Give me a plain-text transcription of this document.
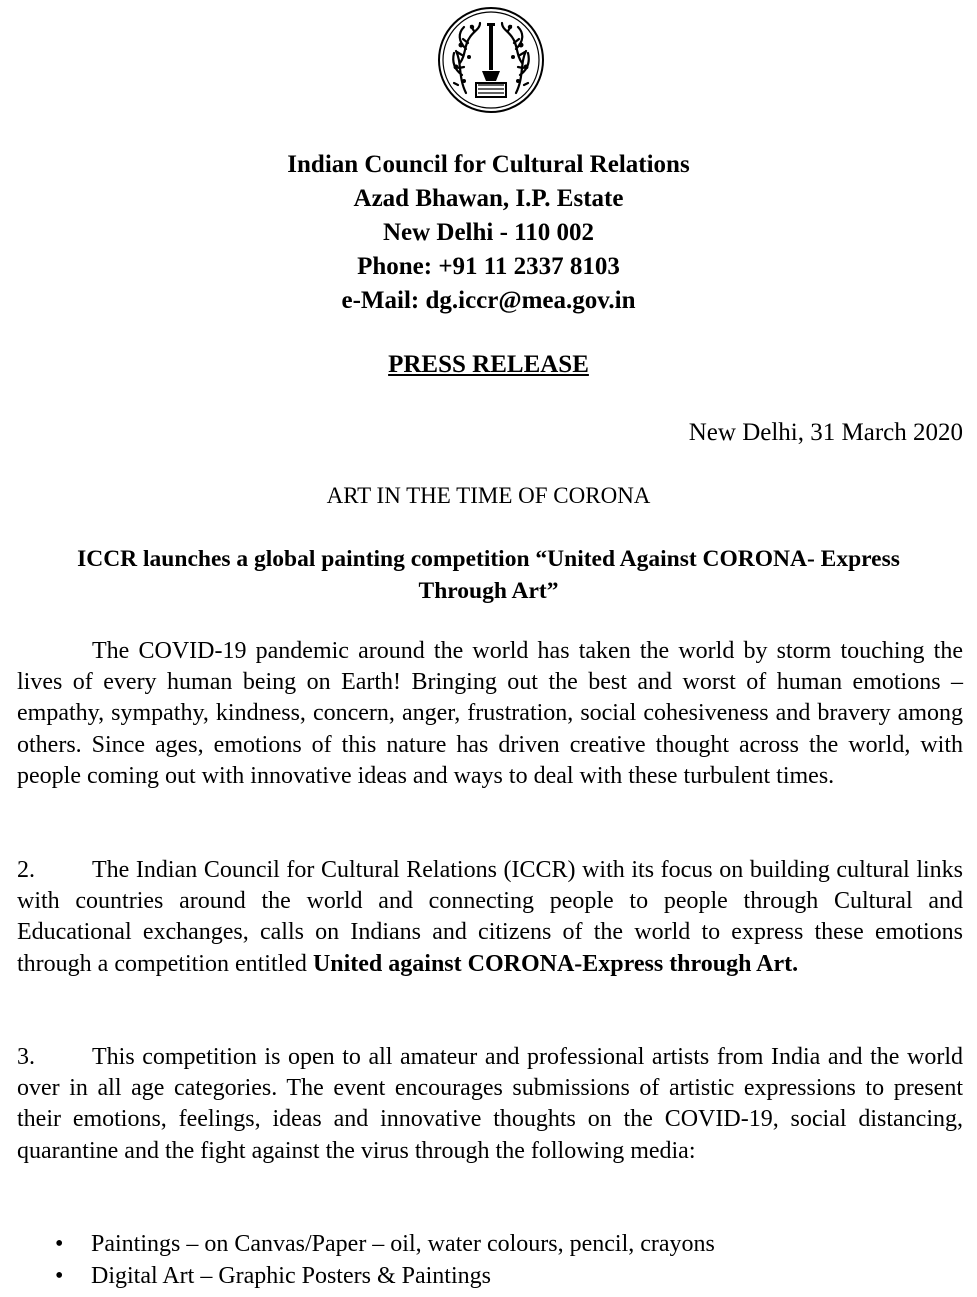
Indian Council for Cultural Relations
Azad Bhawan, I.P. Estate
New Delhi - 110 002
Phone: +91 11 2337 8103
e-Mail: dg.iccr@mea.gov.in
PRESS RELEASE
New Delhi, 31 March 2020
ART IN THE TIME OF CORONA
ICCR launches a global painting competition “United Against CORONA- Express Through Art”
The COVID-19 pandemic around the world has taken the world by storm touching the lives of every human being on Earth! Bringing out the best and worst of human emotions – empathy, sympathy, kindness, concern, anger, frustration, social cohesiveness and bravery among others. Since ages, emotions of this nature has driven creative thought across the world, with people coming out with innovative ideas and ways to deal with these turbulent times.
2. The Indian Council for Cultural Relations (ICCR) with its focus on building cultural links with countries around the world and connecting people to people through Cultural and Educational exchanges, calls on Indians and citizens of the world to express these emotions through a competition entitled United against CORONA-Express through Art.
3. This competition is open to all amateur and professional artists from India and the world over in all age categories. The event encourages submissions of artistic expressions to present their emotions, feelings, ideas and innovative thoughts on the COVID-19, social distancing, quarantine and the fight against the virus through the following media:
• Paintings – on Canvas/Paper – oil, water colours, pencil, crayons
• Digital Art – Graphic Posters & Paintings
